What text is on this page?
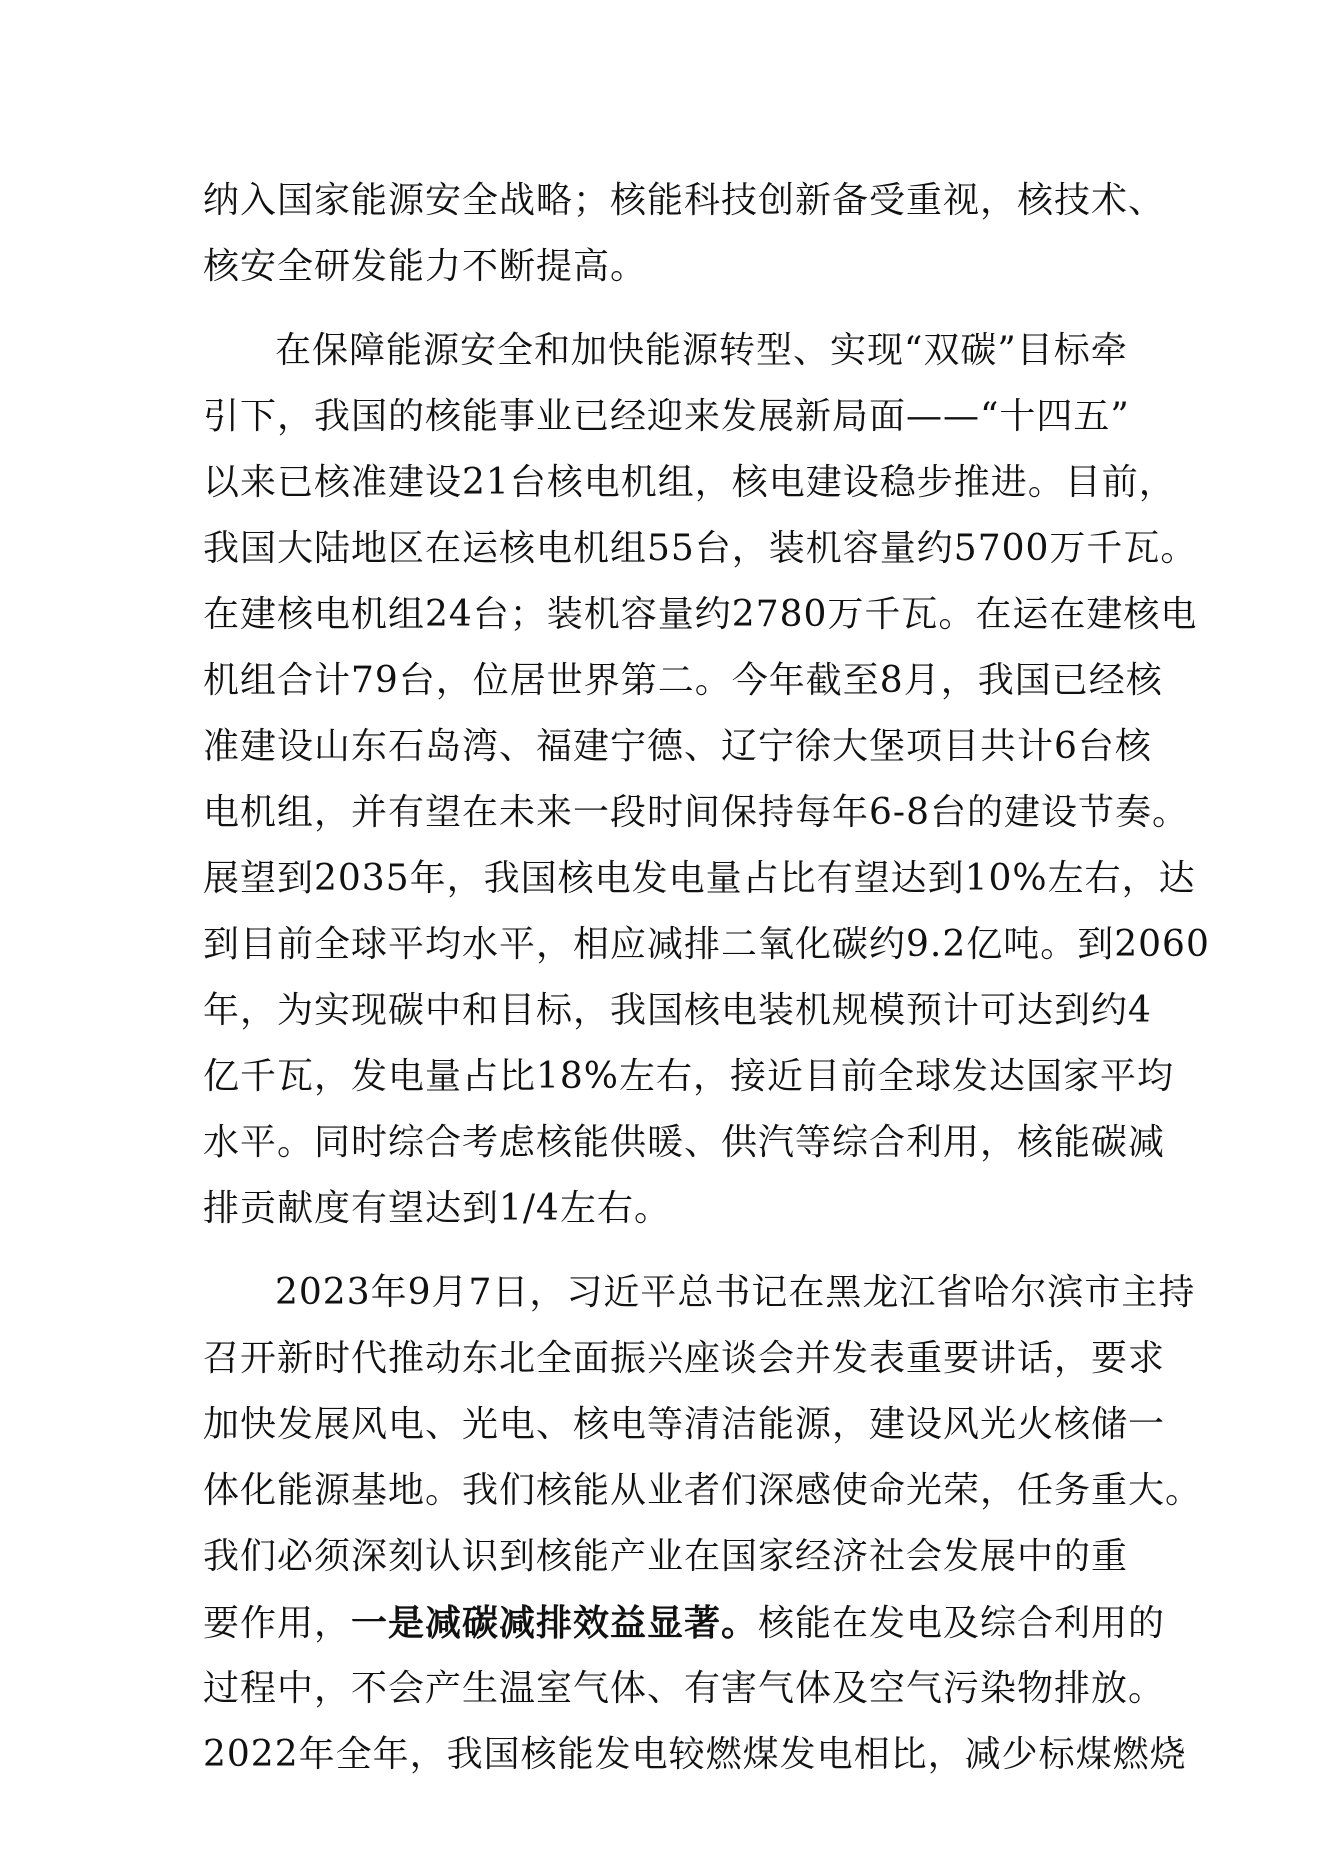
纳入国家能源安全战略；核能科技创新备受重视，核技术、
核安全研发能力不断提高。
在保障能源安全和加快能源转型、实现“双碳”目标牵
引下，我国的核能事业已经迎来发展新局面——“十四五”
以来已核准建设21台核电机组，核电建设稳步推进。目前，
我国大陆地区在运核电机组55台，装机容量约5700万千瓦。
在建核电机组24台；装机容量约2780万千瓦。在运在建核电
机组合计79台，位居世界第二。今年截至8月，我国已经核
准建设山东石岛湾、福建宁德、辽宁徐大堡项目共计6台核
电机组，并有望在未来一段时间保持每年6-8台的建设节奏。
展望到2035年，我国核电发电量占比有望达到10%左右，达
到目前全球平均水平，相应减排二氧化碳约9.2亿吨。到2060
年，为实现碳中和目标，我国核电装机规模预计可达到约4
亿千瓦，发电量占比18%左右，接近目前全球发达国家平均
水平。同时综合考虑核能供暖、供汽等综合利用，核能碳减
排贡献度有望达到1/4左右。
2023年9月7日，习近平总书记在黑龙江省哈尔滨市主持
召开新时代推动东北全面振兴座谈会并发表重要讲话，要求
加快发展风电、光电、核电等清洁能源，建设风光火核储一
体化能源基地。我们核能从业者们深感使命光荣，任务重大。
我们必须深刻认识到核能产业在国家经济社会发展中的重
要作用，一是减碳减排效益显著。核能在发电及综合利用的
过程中，不会产生温室气体、有害气体及空气污染物排放。
2022年全年，我国核能发电较燃煤发电相比，减少标煤燃烧
